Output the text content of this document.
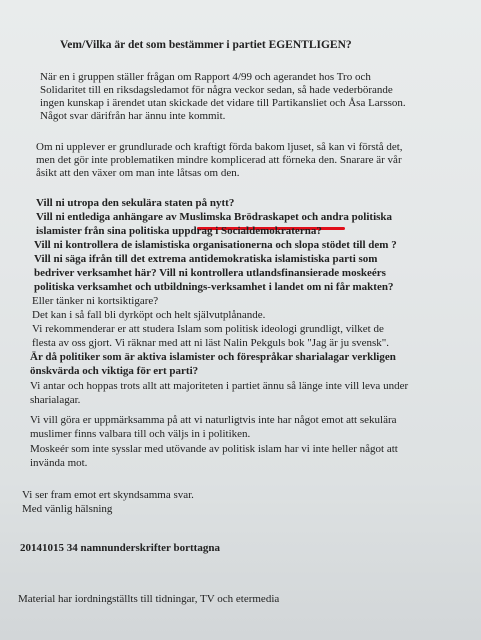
Vem/Vilka är det som bestämmer i partiet EGENTLIGEN?
När en i gruppen ställer frågan om Rapport 4/99 och agerandet hos Tro och
Solidaritet till en riksdagsledamot för några veckor sedan, så hade vederbörande
ingen kunskap i ärendet utan skickade det vidare till Partikansliet och Åsa Larsson.
Något svar därifrån har ännu inte kommit.
Om ni upplever er grundlurade och kraftigt förda bakom ljuset, så kan vi förstå det,
men det gör inte problematiken mindre komplicerad att förneka den. Snarare är vår
åsikt att den växer om man inte låtsas om den.
Vill ni utropa den sekulära staten på nytt?
Vill ni entlediga anhängare av Muslimska Brödraskapet och andra politiska
islamister från sina politiska uppdrag i Socialdemokraterna?
Vill ni kontrollera de islamistiska organisationerna och slopa stödet till dem ?
Vill ni säga ifrån till det extrema antidemokratiska islamistiska parti som
bedriver verksamhet här? Vill ni kontrollera utlandsfinansierade moskeérs
politiska verksamhet och utbildnings-verksamhet i landet om ni får makten?
Eller tänker ni kortsiktigare?
Det kan i så fall bli dyrköpt och helt självutplånande.
Vi rekommenderar er att studera Islam som politisk ideologi grundligt, vilket de
flesta av oss gjort. Vi räknar med att ni läst Nalin Pekguls bok "Jag är ju svensk".
Är då politiker som är aktiva islamister och förespråkar sharialagar verkligen
önskvärda och viktiga för ert parti?
Vi antar och hoppas trots allt att majoriteten i partiet ännu så länge inte vill leva under
sharialagar.
Vi vill göra er uppmärksamma på att vi naturligtvis inte har något emot att sekulära
muslimer finns valbara till och väljs in i politiken.
Moskeér som inte sysslar med utövande av politisk islam har vi inte heller något att
invända mot.
Vi ser fram emot ert skyndsamma svar.
Med vänlig hälsning
20141015 34 namnunderskrifter borttagna
Material har iordningställts till tidningar, TV och etermedia
